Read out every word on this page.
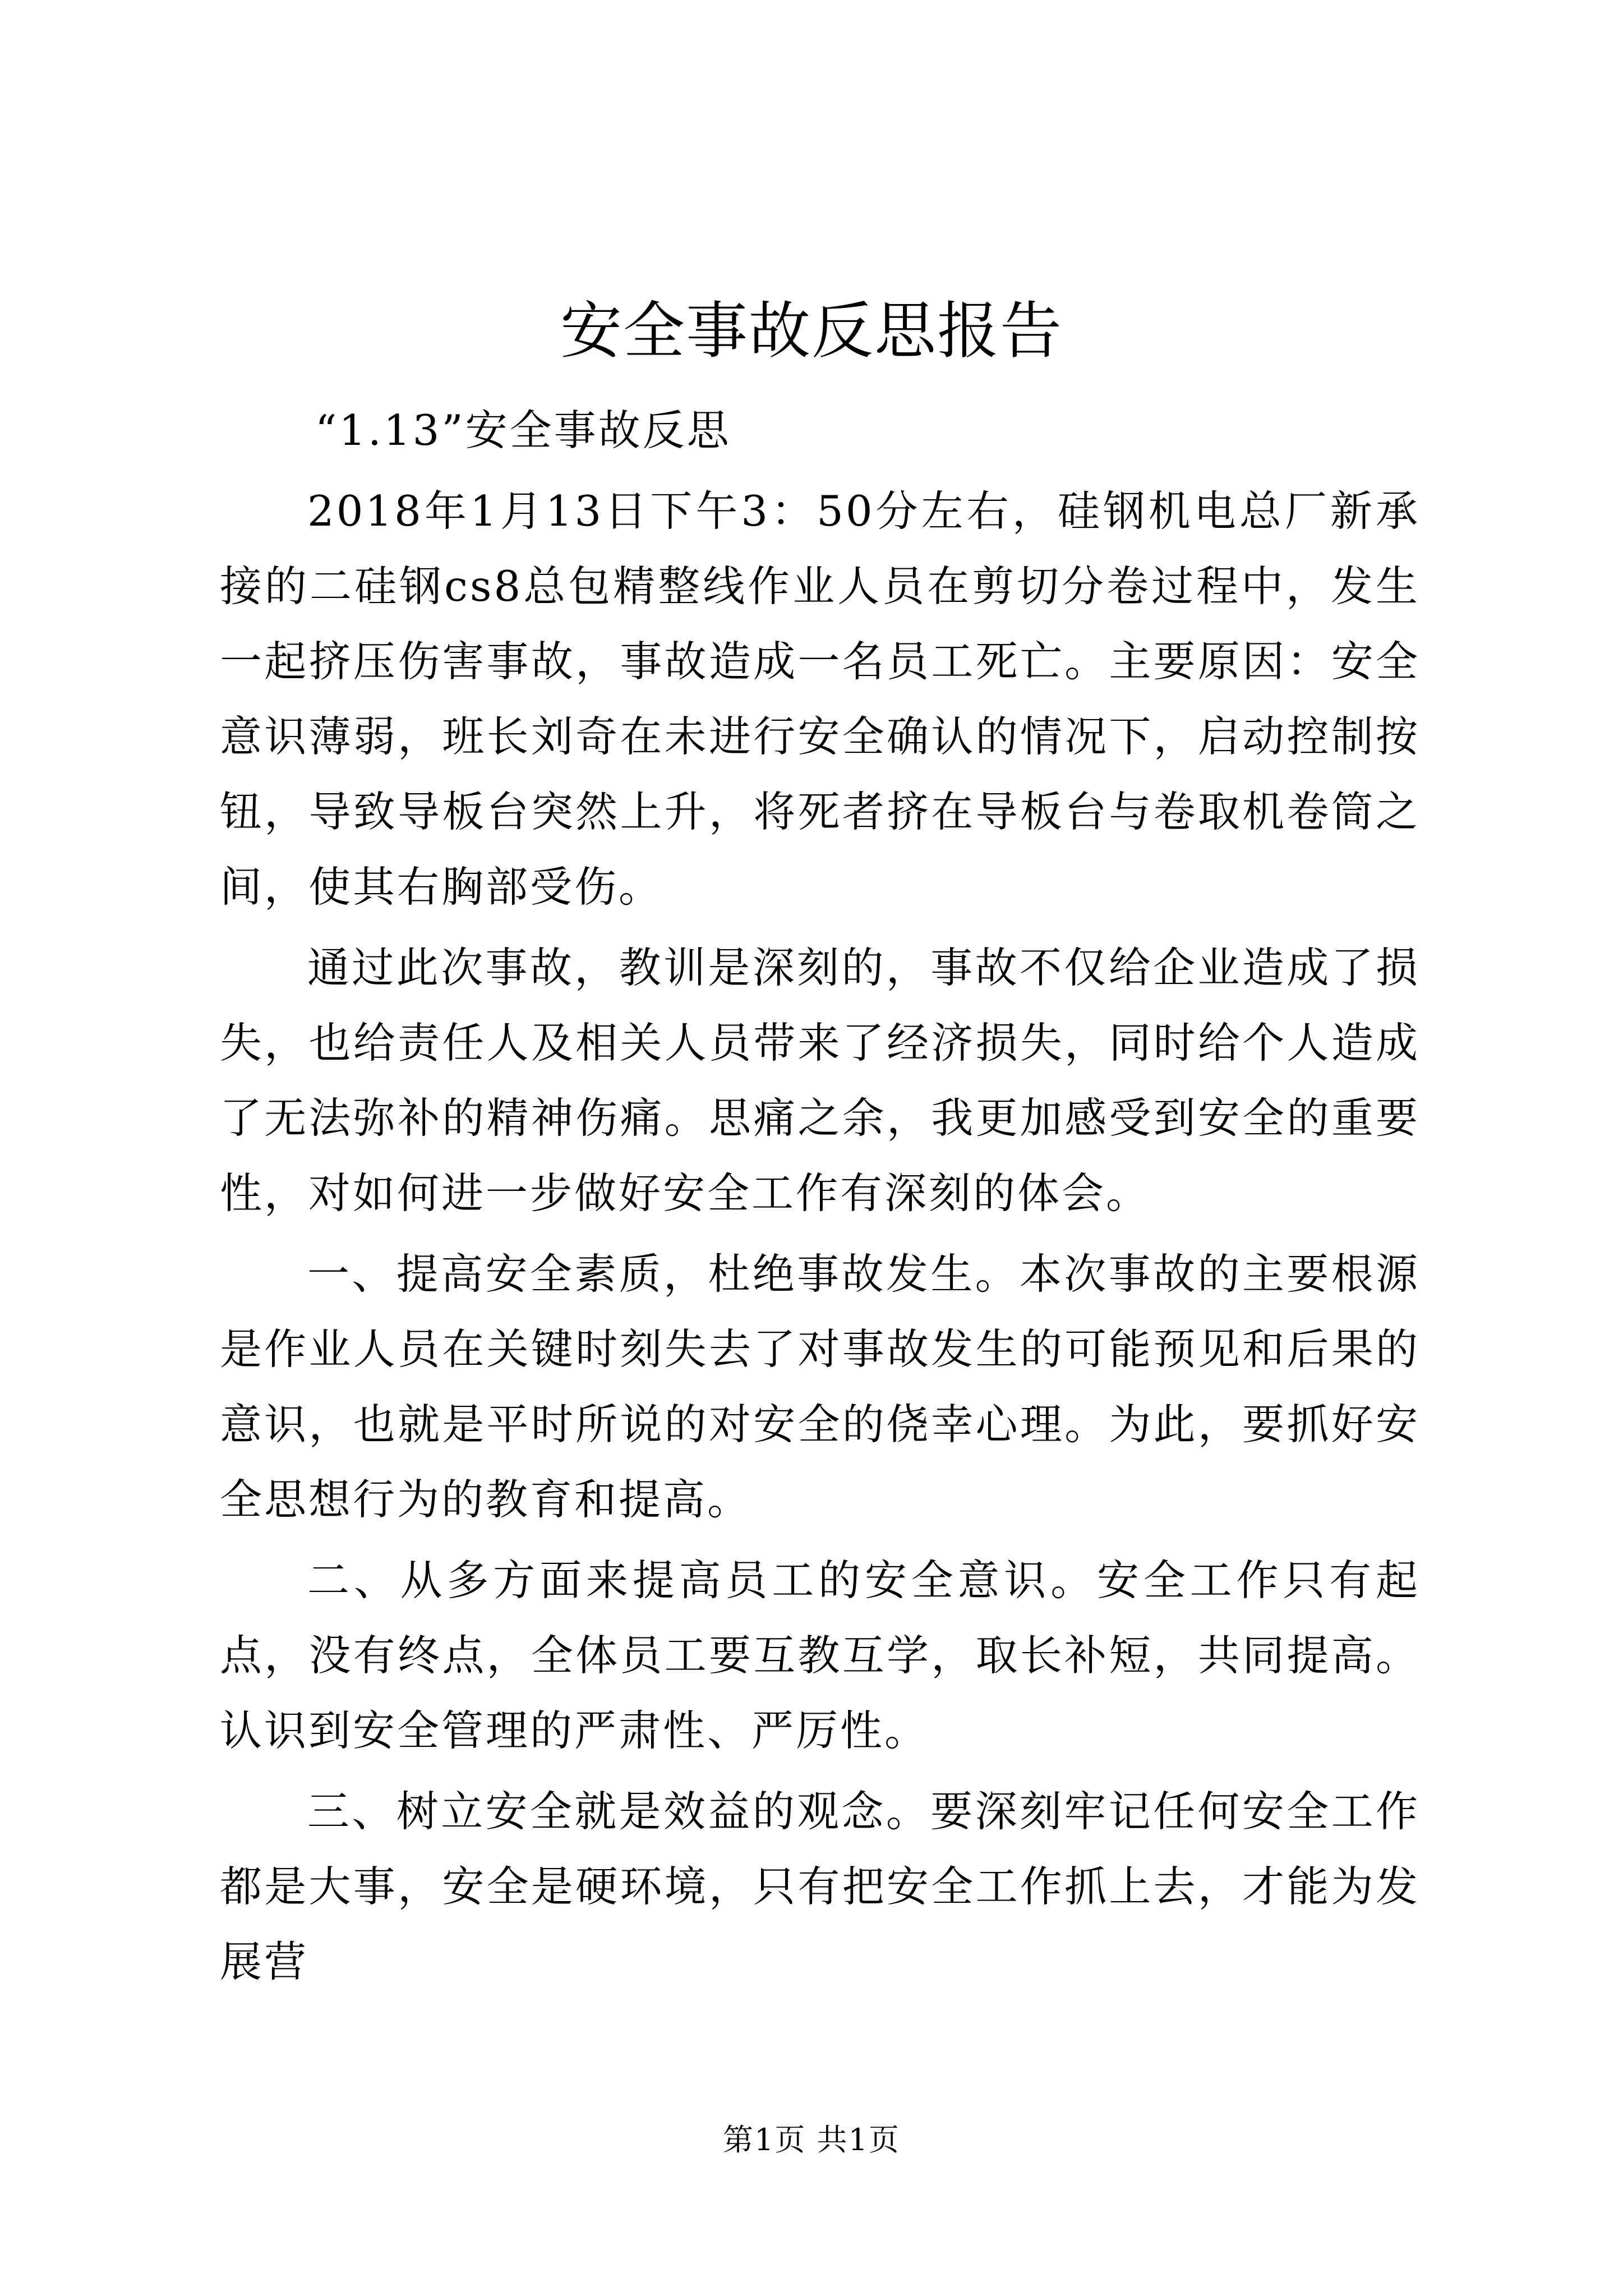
安全事故反思报告

“1.13”安全事故反思

2018年1月13日下午3：50分左右，硅钢机电总厂新承接的二硅钢cs8总包精整线作业人员在剪切分卷过程中，发生一起挤压伤害事故，事故造成一名员工死亡。主要原因：安全意识薄弱，班长刘奇在未进行安全确认的情况下，启动控制按钮，导致导板台突然上升，将死者挤在导板台与卷取机卷筒之间，使其右胸部受伤。

通过此次事故，教训是深刻的，事故不仅给企业造成了损失，也给责任人及相关人员带来了经济损失，同时给个人造成了无法弥补的精神伤痛。思痛之余，我更加感受到安全的重要性，对如何进一步做好安全工作有深刻的体会。

一、提高安全素质，杜绝事故发生。本次事故的主要根源是作业人员在关键时刻失去了对事故发生的可能预见和后果的意识，也就是平时所说的对安全的侥幸心理。为此，要抓好安全思想行为的教育和提高。

二、从多方面来提高员工的安全意识。安全工作只有起点，没有终点，全体员工要互教互学，取长补短，共同提高。认识到安全管理的严肃性、严厉性。

三、树立安全就是效益的观念。要深刻牢记任何安全工作都是大事，安全是硬环境，只有把安全工作抓上去，才能为发展营

第1页 共1页
